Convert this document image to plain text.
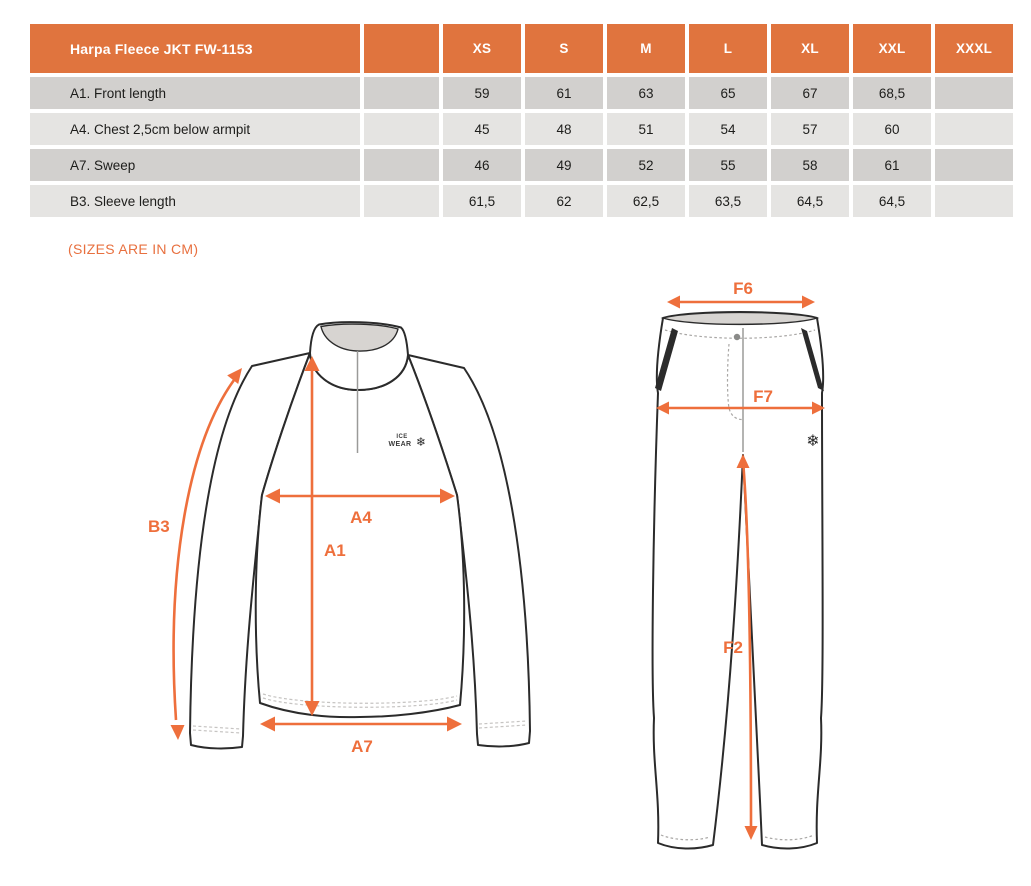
Harpa Fleece JKT FW-1153		XS	S	M	L	XL	XXL	XXXL
A1. Front length		59	61	63	65	67	68,5	
A4. Chest 2,5cm below armpit		45	48	51	54	57	60	
A7. Sweep		46	49	52	55	58	61	
B3. Sleeve length		61,5	62	62,5	63,5	64,5	64,5	
(SIZES ARE IN CM)
ICE
WEAR ❄
B3	A4
A1
A7
❄
F6
F7
F2
